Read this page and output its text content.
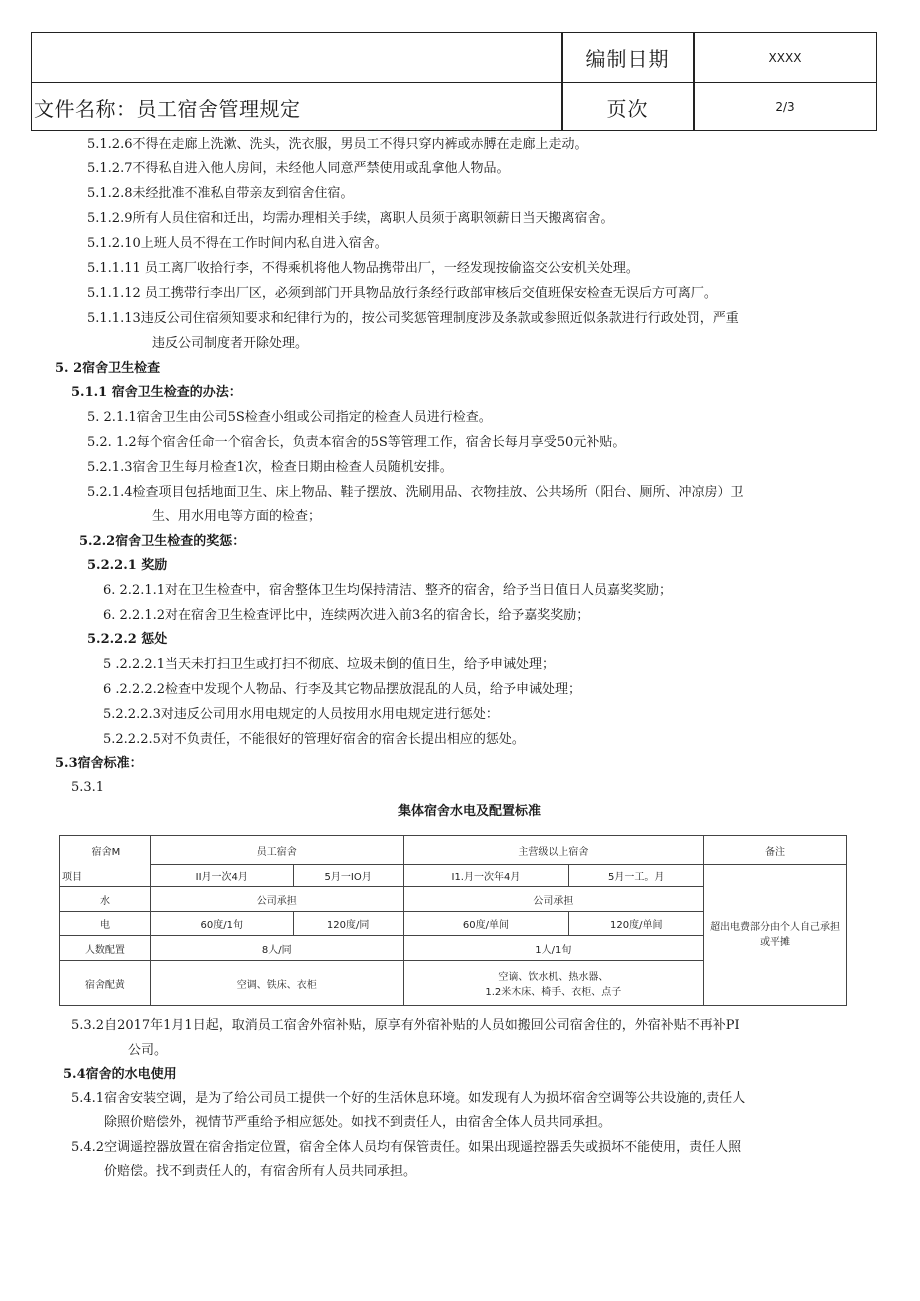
编制日期	XXXX
文件名称：员工宿舍管理规定	页次	2/3
5.1.2.6不得在走廊上洗漱、洗头，洗衣服，男员工不得只穿内裤或赤膊在走廊上走动。
5.1.2.7不得私自进入他人房间，未经他人同意严禁使用或乱拿他人物品。
5.1.2.8未经批准不准私自带亲友到宿舍住宿。
5.1.2.9所有人员住宿和迁出，均需办理相关手续，离职人员须于离职领薪日当天搬离宿舍。
5.1.2.10上班人员不得在工作时间内私自进入宿舍。
5.1.1.11 员工离厂收拾行李，不得乘机将他人物品携带出厂，一经发现按偷盗交公安机关处理。
5.1.1.12 员工携带行李出厂区，必须到部门开具物品放行条经行政部审核后交值班保安检查无误后方可离厂。
5.1.1.13违反公司住宿须知要求和纪律行为的，按公司奖惩管理制度涉及条款或参照近似条款进行行政处罚，严重
违反公司制度者开除处理。
5. 2宿舍卫生检查
5.1.1 宿舍卫生检查的办法：
5. 2.1.1宿舍卫生由公司5S检查小组或公司指定的检查人员进行检查。
5.2. 1.2每个宿舍任命一个宿舍长，负责本宿舍的5S等管理工作，宿舍长每月享受50元补贴。
5.2.1.3宿舍卫生每月检查1次，检查日期由检查人员随机安排。
5.2.1.4检查项目包括地面卫生、床上物品、鞋子摆放、洗刷用品、衣物挂放、公共场所（阳台、厕所、冲凉房）卫
生、用水用电等方面的检查；
5.2.2宿舍卫生检查的奖惩：
5.2.2.1 奖励
6. 2.2.1.1对在卫生检查中，宿舍整体卫生均保持清洁、整齐的宿舍，给予当日值日人员嘉奖奖励；
6. 2.2.1.2对在宿舍卫生检查评比中，连续两次进入前3名的宿舍长，给予嘉奖奖励；
5.2.2.2 惩处
5 .2.2.2.1当天未打扫卫生或打扫不彻底、垃圾未倒的值日生，给予申诫处理；
6 .2.2.2.2检查中发现个人物品、行李及其它物品摆放混乱的人员，给予申诫处理；
5.2.2.2.3对违反公司用水用电规定的人员按用水用电规定进行惩处：
5.2.2.2.5对不负责任，不能很好的管理好宿舍的宿舍长提出相应的惩处。
5.3宿舍标准：
5.3.1
集体宿舍水电及配置标准
宿舍M	员工宿舍		主营级以上宿舍		备注
项目	II月一次4月	5月一IO月	I1.月一次年4月	5月一工。月	超出电费部分由个人自己承担或平摊

水	公司承担		公司承担		
电	60度/1旬	120度/同	60度/单间	120度/单间	
人数配置	8人/同		1人/1旬		
宿舍配黄	空调、铁床、衣柜		空谪、饮水机、热水器、
1.2米木床、椅手、衣柜、点子		
5.3.2自2017年1月1日起，取消员工宿舍外宿补贴，原享有外宿补贴的人员如搬回公司宿舍住的，外宿补贴不再补PI
公司。
5.4宿舍的水电使用
5.4.1宿舍安装空调，是为了给公司员工提供一个好的生活休息环境。如发现有人为损坏宿舍空调等公共设施的,责任人
除照价赔偿外，视情节严重给予相应惩处。如找不到责任人，由宿舍全体人员共同承担。
5.4.2空调遥控器放置在宿舍指定位置，宿舍全体人员均有保管责任。如果出现遥控器丢失或损坏不能使用，责任人照
价赔偿。找不到责任人的，有宿舍所有人员共同承担。
